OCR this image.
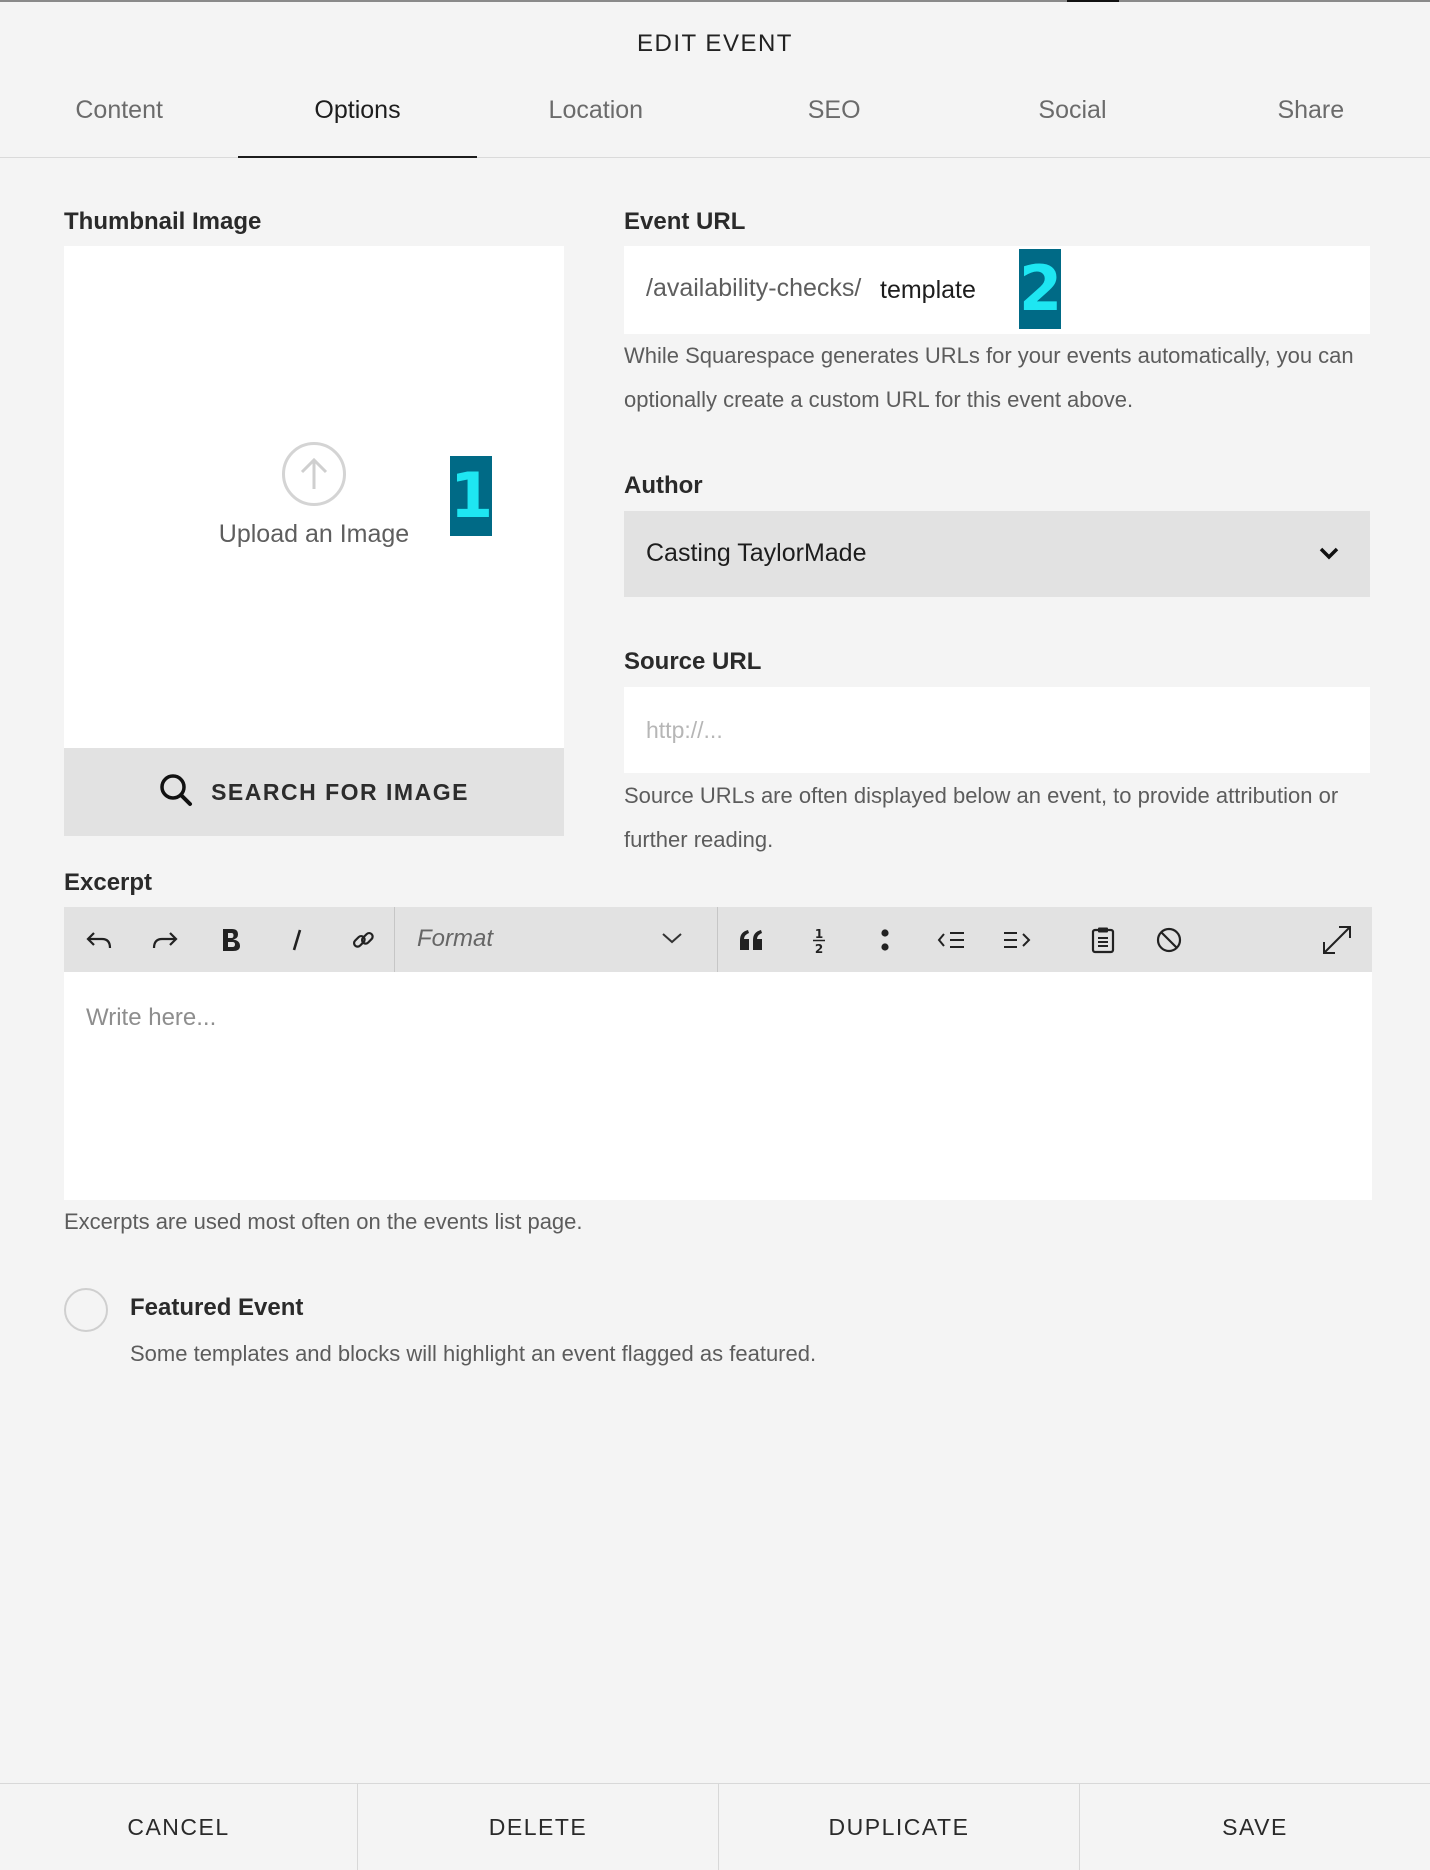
EDIT EVENT
Content	Options	Location	SEO	Social	Share
Thumbnail Image
Upload an Image
1
SEARCH FOR IMAGE
Event URL
/availability-checks/ template 2
While Squarespace generates URLs for your events automatically, you can optionally create a custom URL for this event above.
Author
Casting TaylorMade
Source URL
http://...
Source URLs are often displayed below an event, to provide attribution or further reading.
Excerpt
Format	1
2
Write here...
Excerpts are used most often on the events list page.
Featured Event
Some templates and blocks will highlight an event flagged as featured.
CANCEL	DELETE	DUPLICATE	SAVE
